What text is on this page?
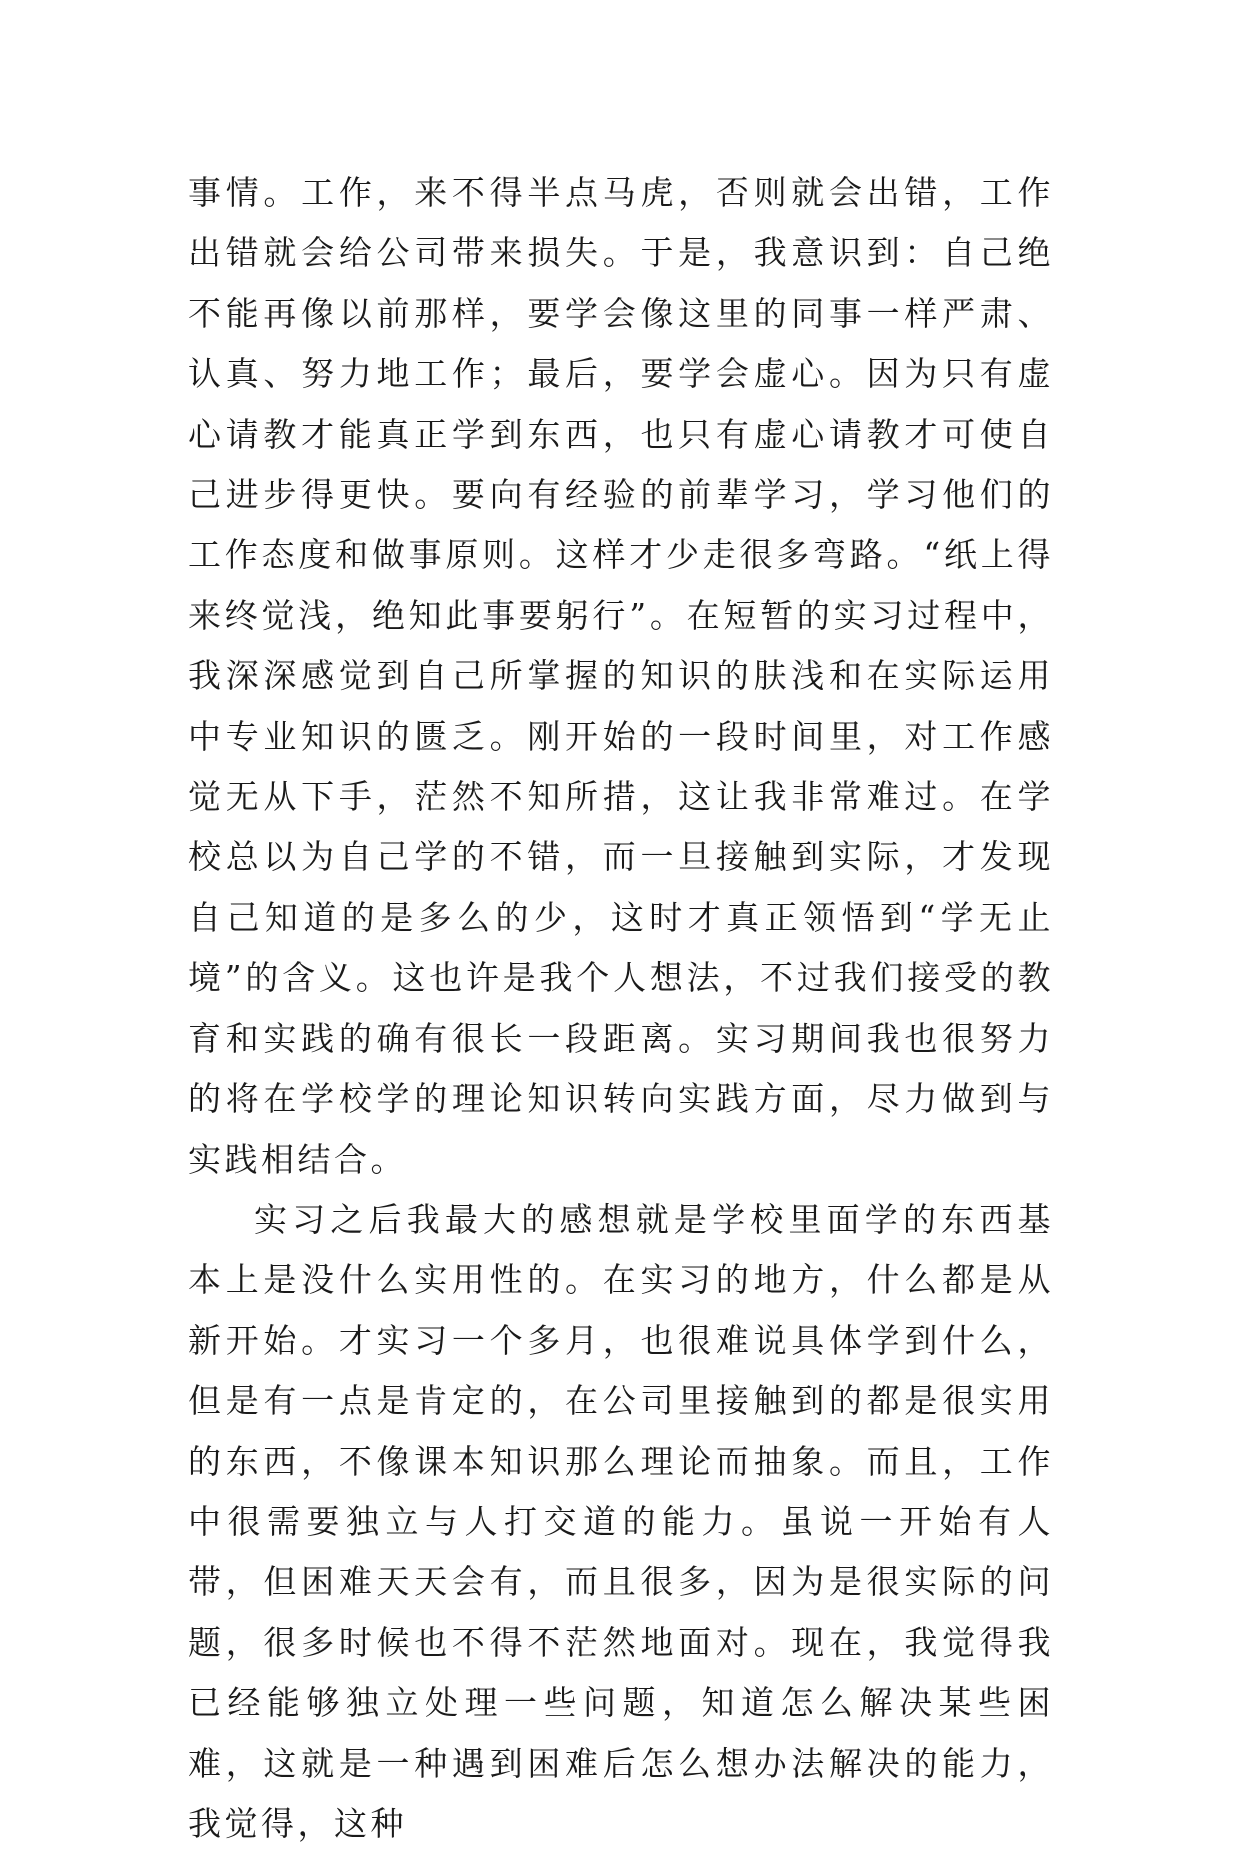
事情。工作，来不得半点马虎，否则就会出错，工作出错就会给公司带来损失。于是，我意识到：自己绝不能再像以前那样，要学会像这里的同事一样严肃、认真、努力地工作；最后，要学会虚心。因为只有虚心请教才能真正学到东西，也只有虚心请教才可使自己进步得更快。要向有经验的前辈学习，学习他们的工作态度和做事原则。这样才少走很多弯路。“纸上得来终觉浅，绝知此事要躬行”。在短暂的实习过程中，我深深感觉到自己所掌握的知识的肤浅和在实际运用中专业知识的匮乏。刚开始的一段时间里，对工作感觉无从下手，茫然不知所措，这让我非常难过。在学校总以为自己学的不错，而一旦接触到实际，才发现自己知道的是多么的少，这时才真正领悟到“学无止境”的含义。这也许是我个人想法，不过我们接受的教育和实践的确有很长一段距离。实习期间我也很努力的将在学校学的理论知识转向实践方面，尽力做到与实践相结合。

实习之后我最大的感想就是学校里面学的东西基本上是没什么实用性的。在实习的地方，什么都是从新开始。才实习一个多月，也很难说具体学到什么，但是有一点是肯定的，在公司里接触到的都是很实用的东西，不像课本知识那么理论而抽象。而且，工作中很需要独立与人打交道的能力。虽说一开始有人带，但困难天天会有，而且很多，因为是很实际的问题，很多时候也不得不茫然地面对。现在，我觉得我已经能够独立处理一些问题，知道怎么解决某些困难，这就是一种遇到困难后怎么想办法解决的能力，我觉得，这种
